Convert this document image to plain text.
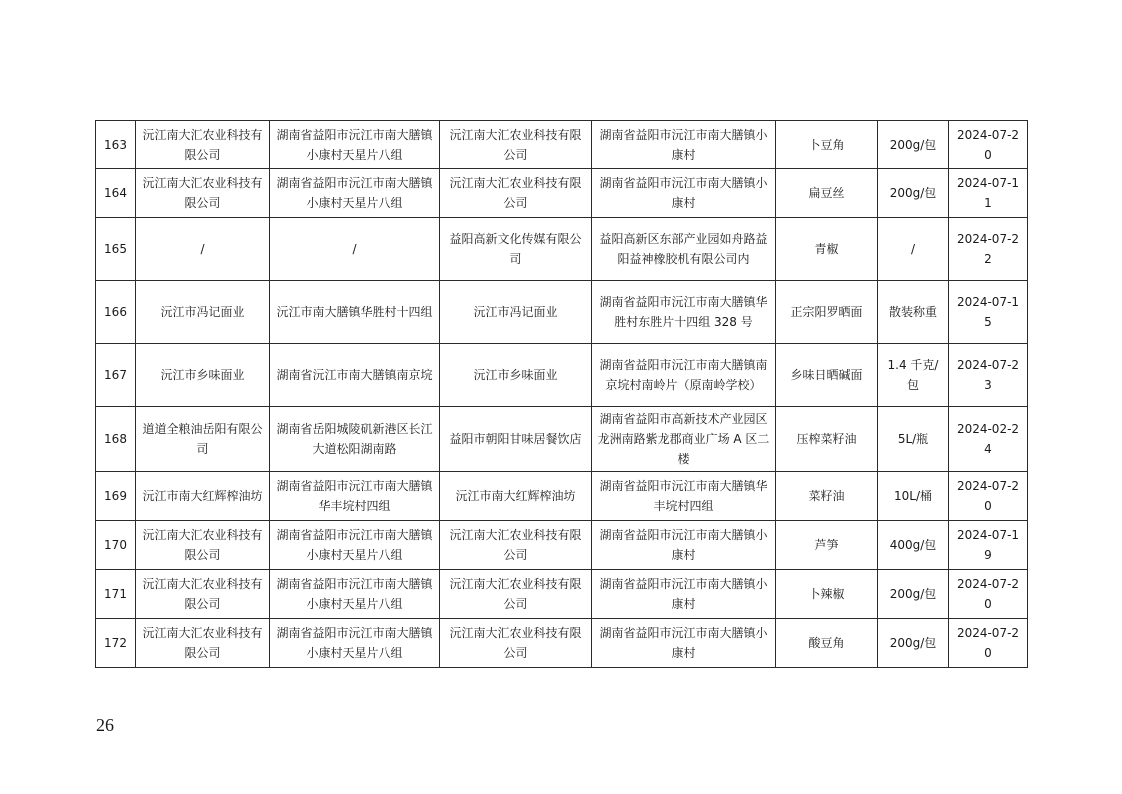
163	沅江南大汇农业科技有限公司	湖南省益阳市沅江市南大膳镇小康村天星片八组	沅江南大汇农业科技有限公司	湖南省益阳市沅江市南大膳镇小康村	卜豆角	200g/包	2024-07-20
164	沅江南大汇农业科技有限公司	湖南省益阳市沅江市南大膳镇小康村天星片八组	沅江南大汇农业科技有限公司	湖南省益阳市沅江市南大膳镇小康村	扁豆丝	200g/包	2024-07-11
165	/	/	益阳高新文化传媒有限公司	益阳高新区东部产业园如舟路益阳益神橡胶机有限公司内	青椒	/	2024-07-22
166	沅江市冯记面业	沅江市南大膳镇华胜村十四组	沅江市冯记面业	湖南省益阳市沅江市南大膳镇华胜村东胜片十四组 328 号	正宗阳罗晒面	散装称重	2024-07-15
167	沅江市乡味面业	湖南省沅江市南大膳镇南京垸	沅江市乡味面业	湖南省益阳市沅江市南大膳镇南京垸村南岭片（原南岭学校）	乡味日晒碱面	1.4 千克/包	2024-07-23
168	道道全粮油岳阳有限公司	湖南省岳阳城陵矶新港区长江大道松阳湖南路	益阳市朝阳甘味居餐饮店	湖南省益阳市高新技术产业园区龙洲南路紫龙郡商业广场 A 区二楼	压榨菜籽油	5L/瓶	2024-02-24
169	沅江市南大红辉榨油坊	湖南省益阳市沅江市南大膳镇华丰垸村四组	沅江市南大红辉榨油坊	湖南省益阳市沅江市南大膳镇华丰垸村四组	菜籽油	10L/桶	2024-07-20
170	沅江南大汇农业科技有限公司	湖南省益阳市沅江市南大膳镇小康村天星片八组	沅江南大汇农业科技有限公司	湖南省益阳市沅江市南大膳镇小康村	芦笋	400g/包	2024-07-19
171	沅江南大汇农业科技有限公司	湖南省益阳市沅江市南大膳镇小康村天星片八组	沅江南大汇农业科技有限公司	湖南省益阳市沅江市南大膳镇小康村	卜辣椒	200g/包	2024-07-20
172	沅江南大汇农业科技有限公司	湖南省益阳市沅江市南大膳镇小康村天星片八组	沅江南大汇农业科技有限公司	湖南省益阳市沅江市南大膳镇小康村	酸豆角	200g/包	2024-07-20
26
